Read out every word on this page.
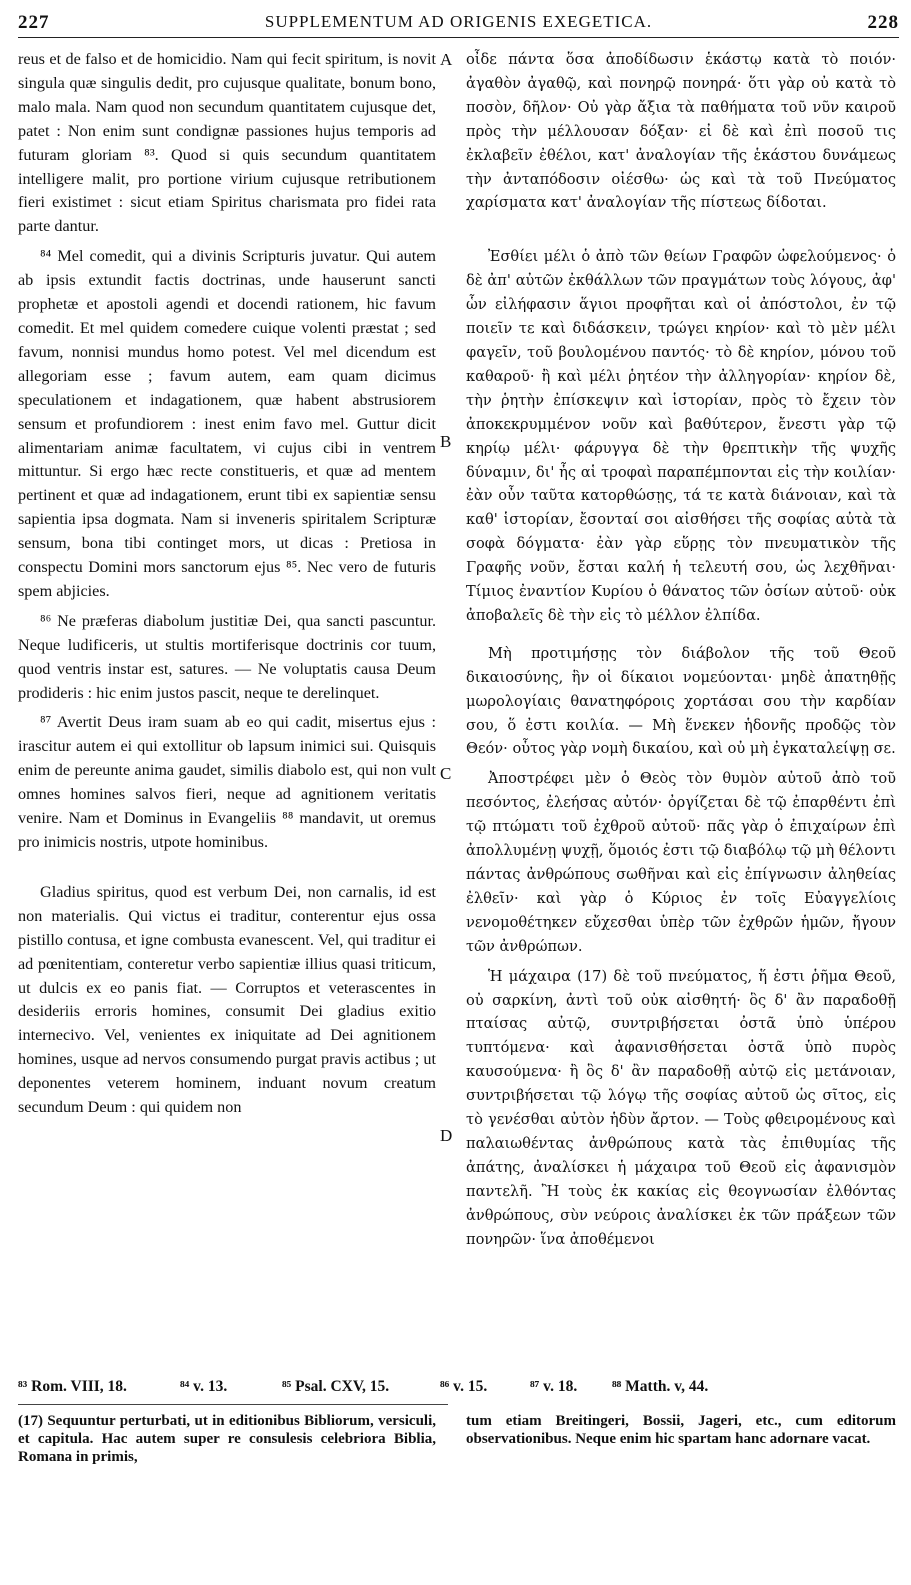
227	SUPPLEMENTUM AD ORIGENIS EXEGETICA.	228

reus et de falso et de homicidio. Nam qui fecit spiritum, is novit singula quæ singulis dedit, pro cujusque qualitate, bonum bono, malo mala. Nam quod non secundum quantitatem cujusque det, patet : Non enim sunt condignæ passiones hujus temporis ad futuram gloriam ⁸³. Quod si quis secundum quantitatem intelligere malit, pro portione virium cujusque retributionem fieri existimet : sicut etiam Spiritus charismata pro fidei rata parte dantur.

⁸⁴ Mel comedit, qui a divinis Scripturis juvatur. Qui autem ab ipsis extundit factis doctrinas, unde hauserunt sancti prophetæ et apostoli agendi et docendi rationem, hic favum comedit. Et mel quidem comedere cuique volenti præstat ; sed favum, nonnisi mundus homo potest. Vel mel dicendum est allegoriam esse ; favum autem, eam quam dicimus speculationem et indagationem, quæ habent abstrusiorem sensum et profundiorem : inest enim favo mel. Guttur dicit alimentariam animæ facultatem, vi cujus cibi in ventrem mittuntur. Si ergo hæc recte constitueris, et quæ ad mentem pertinent et quæ ad indagationem, erunt tibi ex sapientiæ sensu sapientia ipsa dogmata. Nam si inveneris spiritalem Scripturæ sensum, bona tibi continget mors, ut dicas : Pretiosa in conspectu Domini mors sanctorum ejus ⁸⁵. Nec vero de futuris spem abjicies.

⁸⁶ Ne præferas diabolum justitiæ Dei, qua sancti pascuntur. Neque ludificeris, ut stultis mortiferisque doctrinis cor tuum, quod ventris instar est, satures. — Ne voluptatis causa Deum prodideris : hic enim justos pascit, neque te derelinquet.

⁸⁷ Avertit Deus iram suam ab eo qui cadit, misertus ejus : irascitur autem ei qui extollitur ob lapsum inimici sui. Quisquis enim de pereunte anima gaudet, similis diabolo est, qui non vult omnes homines salvos fieri, neque ad agnitionem veritatis venire. Nam et Dominus in Evangeliis ⁸⁸ mandavit, ut oremus pro inimicis nostris, utpote hominibus.

Gladius spiritus, quod est verbum Dei, non carnalis, id est non materialis. Qui victus ei traditur, conterentur ejus ossa pistillo contusa, et igne combusta evanescent. Vel, qui traditur ei ad pœnitentiam, conteretur verbo sapientiæ illius quasi triticum, ut dulcis ex eo panis fiat. — Corruptos et veterascentes in desideriis erroris homines, consumit Dei gladius exitio internecivo. Vel, venientes ex iniquitate ad Dei agnitionem homines, usque ad nervos consumendo purgat pravis actibus ; ut deponentes veterem hominem, induant novum creatum secundum Deum : qui quidem non

A
B
C
D

οἶδε πάντα ὅσα ἀποδίδωσιν ἑκάστῳ κατὰ τὸ ποιόν· ἀγαθὸν ἀγαθῷ, καὶ πονηρῷ πονηρά· ὅτι γὰρ οὐ κατὰ τὸ ποσὸν, δῆλον· Οὐ γὰρ ἄξια τὰ παθήματα τοῦ νῦν καιροῦ πρὸς τὴν μέλλουσαν δόξαν· εἰ δὲ καὶ ἐπὶ ποσοῦ τις ἐκλαβεῖν ἐθέλοι, κατ' ἀναλογίαν τῆς ἑκάστου δυνάμεως τὴν ἀνταπόδοσιν οἰέσθω· ὡς καὶ τὰ τοῦ Πνεύματος χαρίσματα κατ' ἀναλογίαν τῆς πίστεως δίδοται.

Ἐσθίει μέλι ὁ ἀπὸ τῶν θείων Γραφῶν ὠφελούμενος· ὁ δὲ ἀπ' αὐτῶν ἐκθάλλων τῶν πραγμάτων τοὺς λόγους, ἀφ' ὧν εἰλήφασιν ἅγιοι προφῆται καὶ οἱ ἀπόστολοι, ἐν τῷ ποιεῖν τε καὶ διδάσκειν, τρώγει κηρίον· καὶ τὸ μὲν μέλι φαγεῖν, τοῦ βουλομένου παντός· τὸ δὲ κηρίον, μόνου τοῦ καθαροῦ· ἢ καὶ μέλι ῥητέον τὴν ἀλληγορίαν· κηρίον δὲ, τὴν ῥητὴν ἐπίσκεψιν καὶ ἱστορίαν, πρὸς τὸ ἔχειν τὸν ἀποκεκρυμμένον νοῦν καὶ βαθύτερον, ἔνεστι γὰρ τῷ κηρίῳ μέλι· φάρυγγα δὲ τὴν θρεπτικὴν τῆς ψυχῆς δύναμιν, δι' ἧς αἱ τροφαὶ παραπέμπονται εἰς τὴν κοιλίαν· ἐὰν οὖν ταῦτα κατορθώσῃς, τά τε κατὰ διάνοιαν, καὶ τὰ καθ' ἱστορίαν, ἔσονταί σοι αἰσθήσει τῆς σοφίας αὐτὰ τὰ σοφὰ δόγματα· ἐὰν γὰρ εὕρῃς τὸν πνευματικὸν τῆς Γραφῆς νοῦν, ἔσται καλή ἡ τελευτή σου, ὡς λεχθῆναι· Τίμιος ἐναντίον Κυρίου ὁ θάνατος τῶν ὁσίων αὐτοῦ· οὐκ ἀποβαλεῖς δὲ τὴν εἰς τὸ μέλλον ἐλπίδα.

Μὴ προτιμήσῃς τὸν διάβολον τῆς τοῦ Θεοῦ δικαιοσύνης, ἣν οἱ δίκαιοι νομεύονται· μηδὲ ἀπατηθῇς μωρολογίαις θανατηφόροις χορτάσαι σου τὴν καρδίαν σου, ὅ ἐστι κοιλία. — Μὴ ἕνεκεν ἡδονῆς προδῷς τὸν Θεόν· οὗτος γὰρ νομὴ δικαίου, καὶ οὐ μὴ ἐγκαταλείψῃ σε.

Ἀποστρέφει μὲν ὁ Θεὸς τὸν θυμὸν αὐτοῦ ἀπὸ τοῦ πεσόντος, ἐλεήσας αὐτόν· ὀργίζεται δὲ τῷ ἐπαρθέντι ἐπὶ τῷ πτώματι τοῦ ἐχθροῦ αὐτοῦ· πᾶς γὰρ ὁ ἐπιχαίρων ἐπὶ ἀπολλυμένῃ ψυχῇ, ὅμοιός ἐστι τῷ διαβόλῳ τῷ μὴ θέλοντι πάντας ἀνθρώπους σωθῆναι καὶ εἰς ἐπίγνωσιν ἀληθείας ἐλθεῖν· καὶ γὰρ ὁ Κύριος ἐν τοῖς Εὐαγγελίοις νενομοθέτηκεν εὔχεσθαι ὑπὲρ τῶν ἐχθρῶν ἡμῶν, ἤγουν τῶν ἀνθρώπων.

Ἡ μάχαιρα (17) δὲ τοῦ πνεύματος, ἥ ἐστι ῥῆμα Θεοῦ, οὐ σαρκίνη, ἀντὶ τοῦ οὐκ αἰσθητή· ὃς δ' ἂν παραδοθῇ πταίσας αὐτῷ, συντριβήσεται ὀστᾶ ὑπὸ ὑπέρου τυπτόμενα· καὶ ἀφανισθήσεται ὀστᾶ ὑπὸ πυρὸς καυσούμενα· ἢ ὃς δ' ἂν παραδοθῇ αὐτῷ εἰς μετάνοιαν, συντριβήσεται τῷ λόγῳ τῆς σοφίας αὐτοῦ ὡς σῖτος, εἰς τὸ γενέσθαι αὐτὸν ἡδὺν ἄρτον. — Τοὺς φθειρομένους καὶ παλαιωθέντας ἀνθρώπους κατὰ τὰς ἐπιθυμίας τῆς ἀπάτης, ἀναλίσκει ἡ μάχαιρα τοῦ Θεοῦ εἰς ἀφανισμὸν παντελῆ. Ἢ τοὺς ἐκ κακίας εἰς θεογνωσίαν ἐλθόντας ἀνθρώπους, σὺν νεύροις ἀναλίσκει ἐκ τῶν πράξεων τῶν πονηρῶν· ἵνα ἀποθέμενοι

⁸³ Rom. VIII, 18.	⁸⁴ v. 13.	⁸⁵ Psal. CXV, 15.	⁸⁶ v. 15.	⁸⁷ v. 18. ⁸⁸ Matth. v, 44.
(17) Sequuntur perturbati, ut in editionibus Bibliorum, versiculi, et capitula. Hac autem super re consulesis celebriora Biblia, Romana in primis,
tum etiam Breitingeri, Bossii, Jageri, etc., cum editorum observationibus. Neque enim hic spartam hanc adornare vacat.
